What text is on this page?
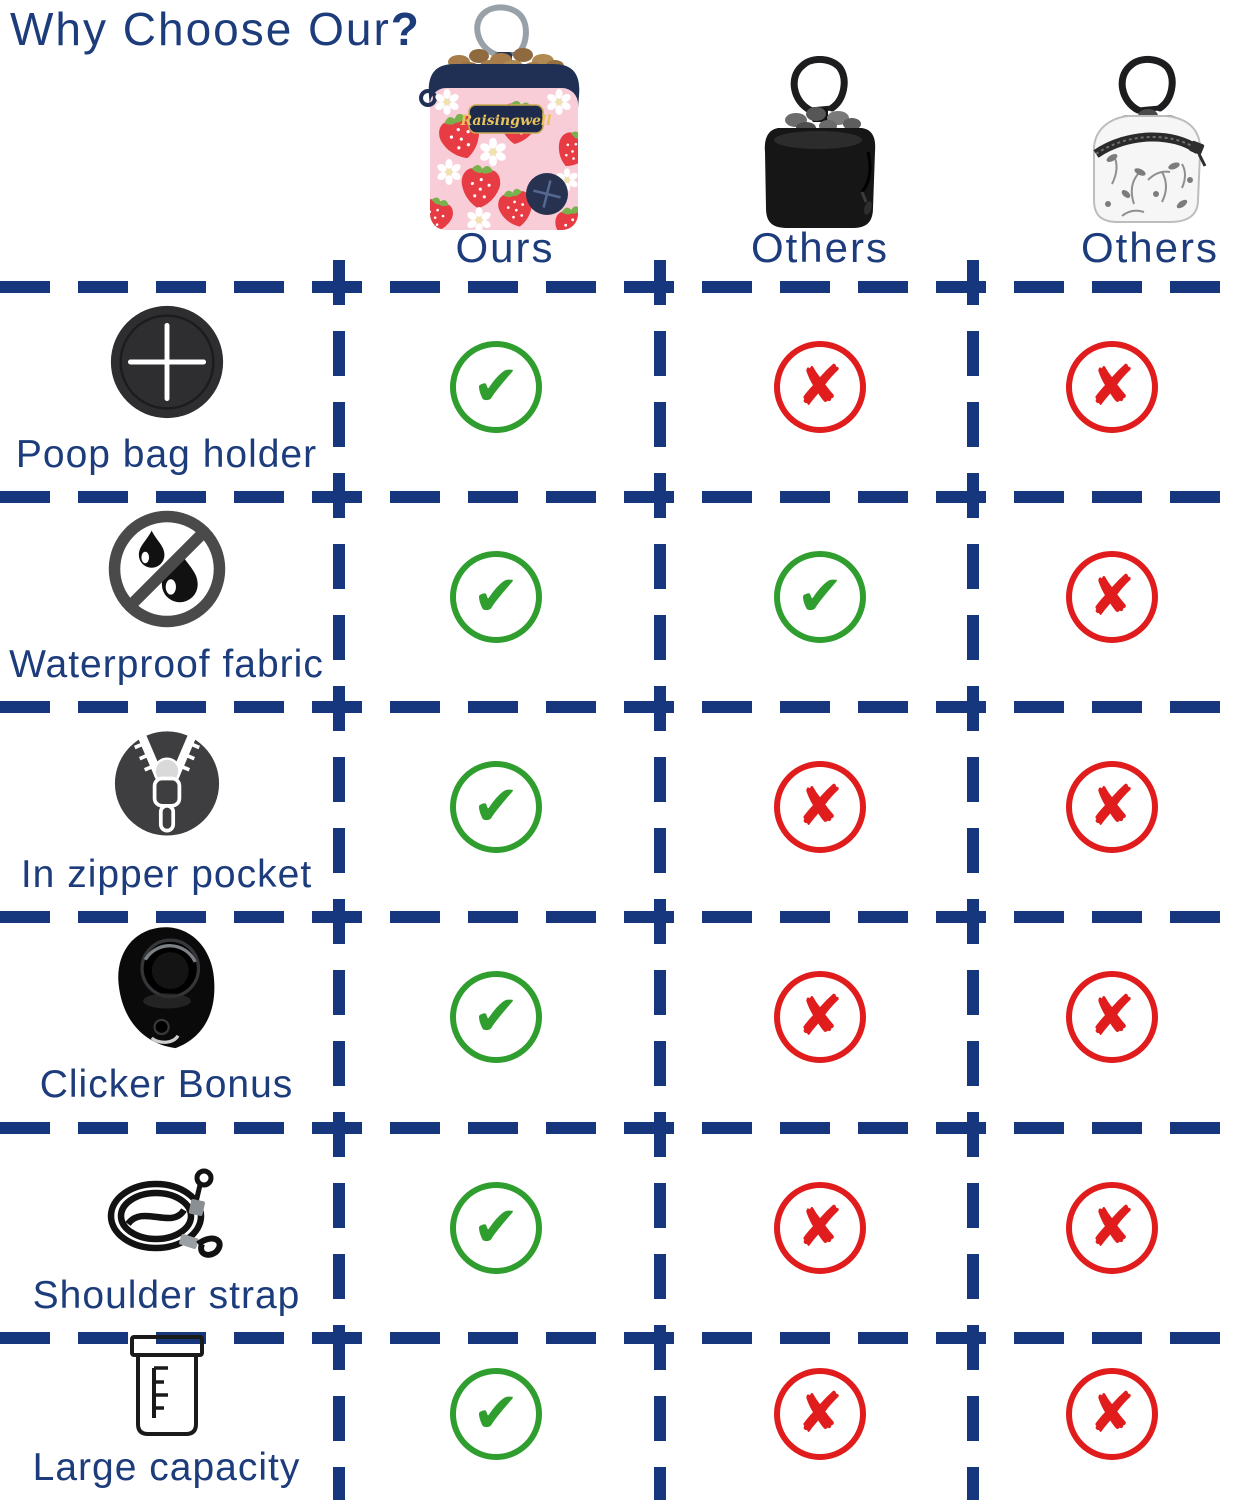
Why Choose Our?
Raisingwell
Ours	Others	Others
Poop bag holder
Waterproof fabric
In zipper pocket
Clicker Bonus
Shoulder strap
Large capacity
✔
✘
✘
✔
✔
✘
✔
✘
✘
✔
✘
✘
✔
✘
✘
✔
✘
✘
